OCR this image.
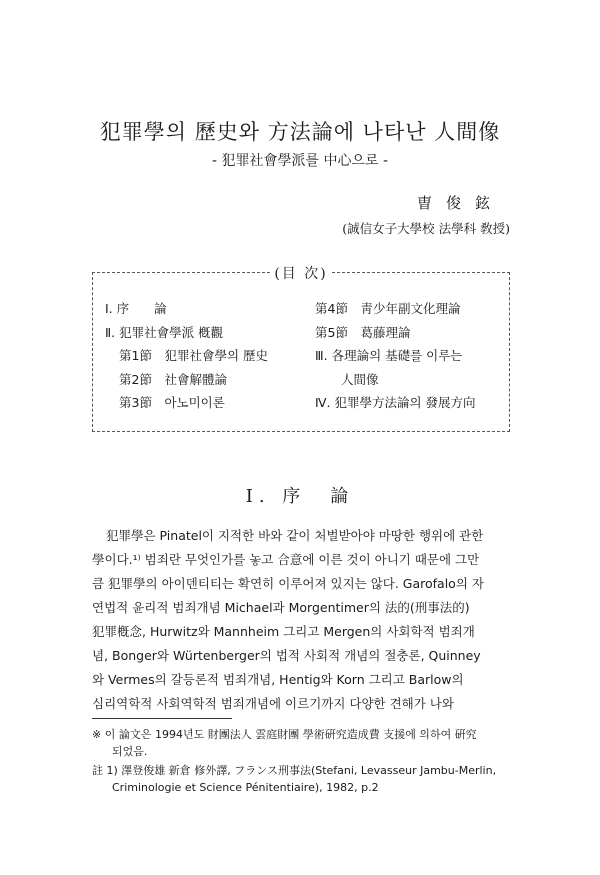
犯罪學의 歷史와 方法論에 나타난 人間像
- 犯罪社會學派를 中心으로 -
曺俊鉉
(誠信女子大學校 法學科 敎授)
(目 次)
Ⅰ. 序　　論
Ⅱ. 犯罪社會學派 槪觀
第1節　犯罪社會學의 歷史
第2節　社會解體論
第3節　아노미이론
第4節　靑少年副文化理論
第5節　葛藤理論
Ⅲ. 各理論의 基礎를 이루는
人間像
Ⅳ. 犯罪學方法論의 發展方向
Ⅰ. 序　論
犯罪學은 Pinatel이 지적한 바와 같이 처벌받아야 마땅한 행위에 관한
學이다.¹⁾ 범죄란 무엇인가를 놓고 合意에 이른 것이 아니기 때문에 그만
큼 犯罪學의 아이덴티티는 확연히 이루어져 있지는 않다. Garofalo의 자
연법적 윤리적 범죄개념 Michael과 Morgentimer의 法的(刑事法的)
犯罪槪念, Hurwitz와 Mannheim 그리고 Mergen의 사회학적 범죄개
념, Bonger와 Würtenberger의 법적 사회적 개념의 절충론, Quinney
와 Vermes의 갈등론적 범죄개념, Hentig와 Korn 그리고 Barlow의
심리역학적 사회역학적 범죄개념에 이르기까지 다양한 견해가 나와
※ 이 論文은 1994년도 財團法人 雲庭財團 學術硏究造成費 支援에 의하여 硏究
되었음.
註 1) 澤登俊雄 新倉 修外譯, フランス刑事法(Stefani, Levasseur Jambu-Merlin,
Criminologie et Science Pénitentiaire), 1982, p.2
